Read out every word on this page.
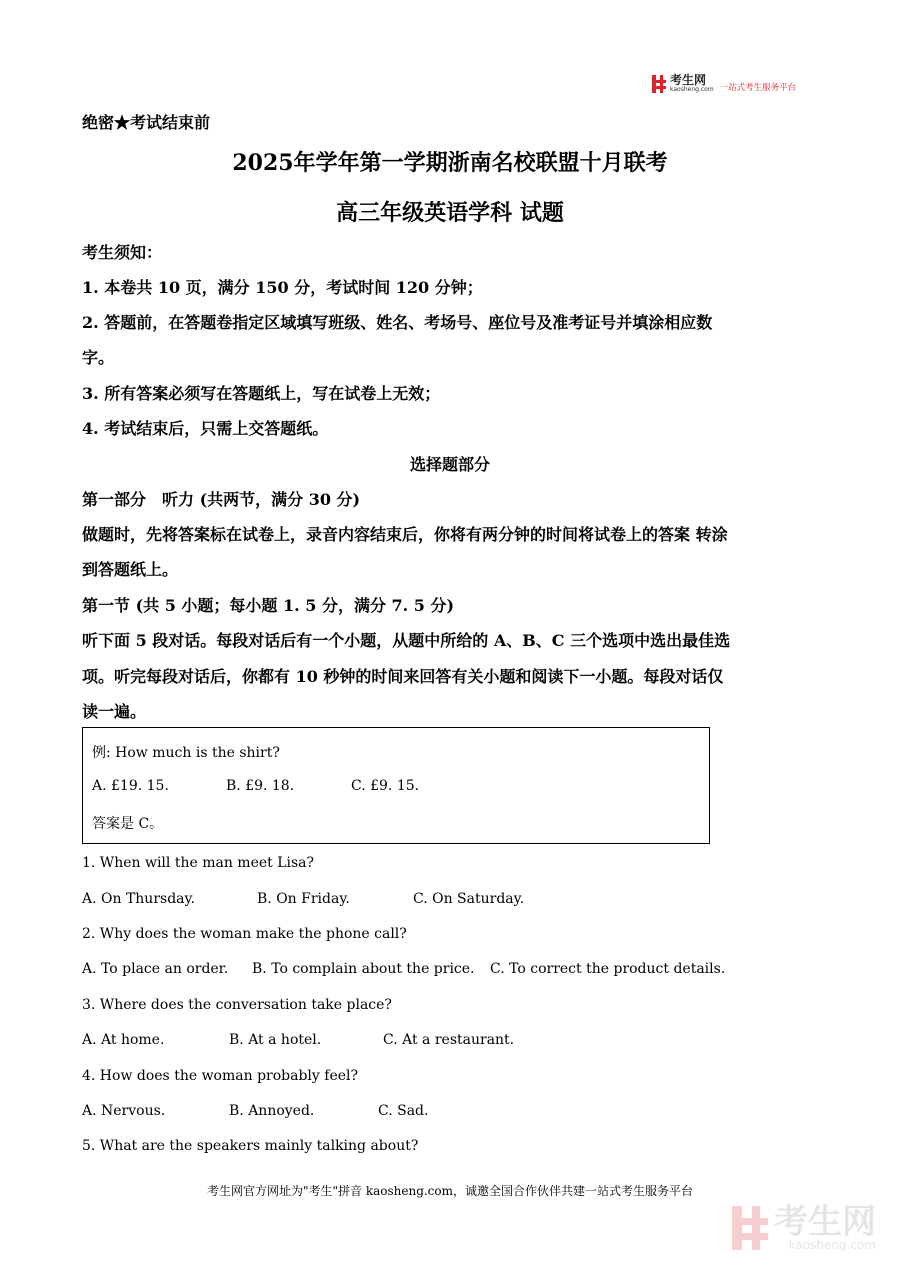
考生网
kaosheng.com 一站式考生服务平台
绝密★考试结束前
2025年学年第一学期浙南名校联盟十月联考
高三年级英语学科 试题
考生须知：
1. 本卷共 10 页，满分 150 分，考试时间 120 分钟；
2. 答题前，在答题卷指定区域填写班级、姓名、考场号、座位号及准考证号并填涂相应数
字。
3. 所有答案必须写在答题纸上，写在试卷上无效；
4. 考试结束后，只需上交答题纸。
选择题部分
第一部分　听力 (共两节，满分 30 分)
做题时，先将答案标在试卷上，录音内容结束后，你将有两分钟的时间将试卷上的答案 转涂
到答题纸上。
第一节 (共 5 小题；每小题 1. 5 分，满分 7. 5 分)
听下面 5 段对话。每段对话后有一个小题，从题中所给的 A、B、C 三个选项中选出最佳选
项。听完每段对话后，你都有 10 秒钟的时间来回答有关小题和阅读下一小题。每段对话仅
读一遍。
例: How much is the shirt?
A. £19. 15.	B. £9. 18.	C. £9. 15.
答案是 C。
1. When will the man meet Lisa?
A. On Thursday.	B. On Friday.	C. On Saturday.
2. Why does the woman make the phone call?
A. To place an order. B. To complain about the price. C. To correct the product details.
3. Where does the conversation take place?
A. At home.	B. At a hotel.	C. At a restaurant.
4. How does the woman probably feel?
A. Nervous.	B. Annoyed.	C. Sad.
5. What are the speakers mainly talking about?
考生网官方网址为"考生"拼音 kaosheng.com，诚邀全国合作伙伴共建一站式考生服务平台
考生网
kaosheng.com
